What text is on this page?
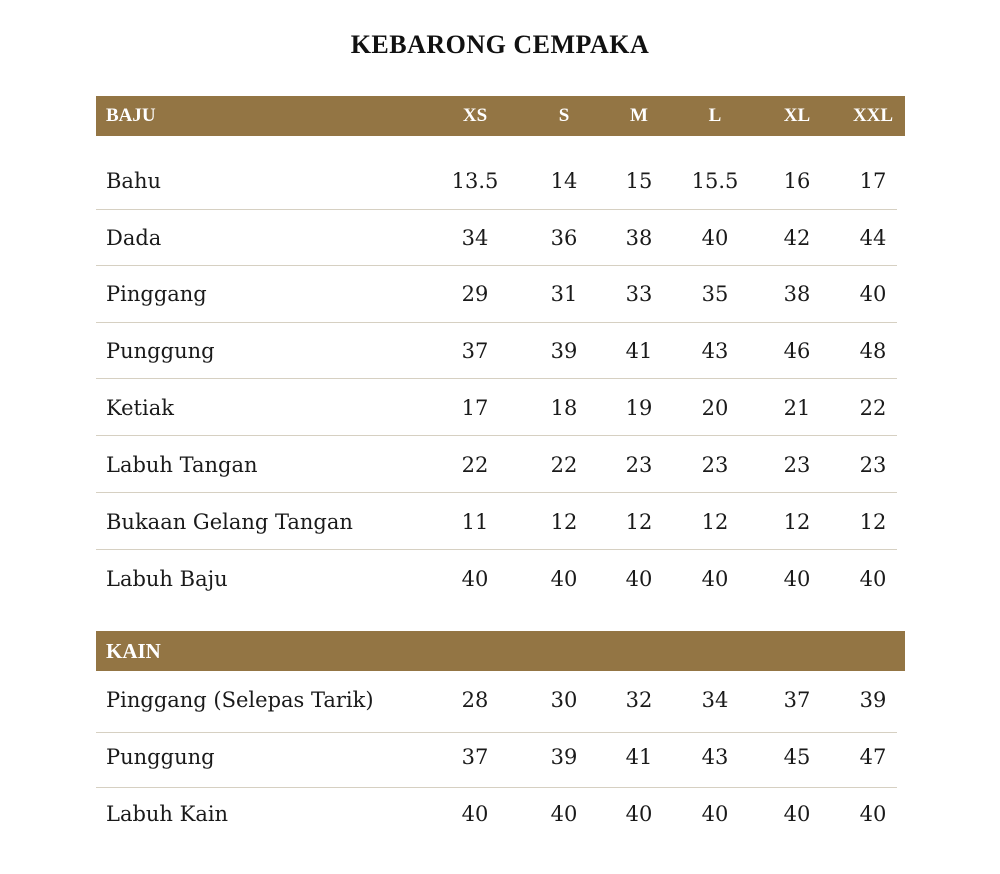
KEBARONG CEMPAKA
BAJU	XS	S	M	L	XL XXL
Bahu	13.5 14 15 15.5 16 17
Dada	34	36 38 40	42 44
Pinggang	29	31 33 35	38 40
Punggung	37	39 41 43	46 48
Ketiak	17	18 19 20	21 22
Labuh Tangan	22	22 23 23	23 23
Bukaan Gelang Tangan	11	12 12 12	12 12
Labuh Baju	40	40 40 40	40 40
KAIN
Pinggang (Selepas Tarik)	28	30 32 34	37 39
Punggung	37	39 41 43	45 47
Labuh Kain	40	40 40 40	40 40
